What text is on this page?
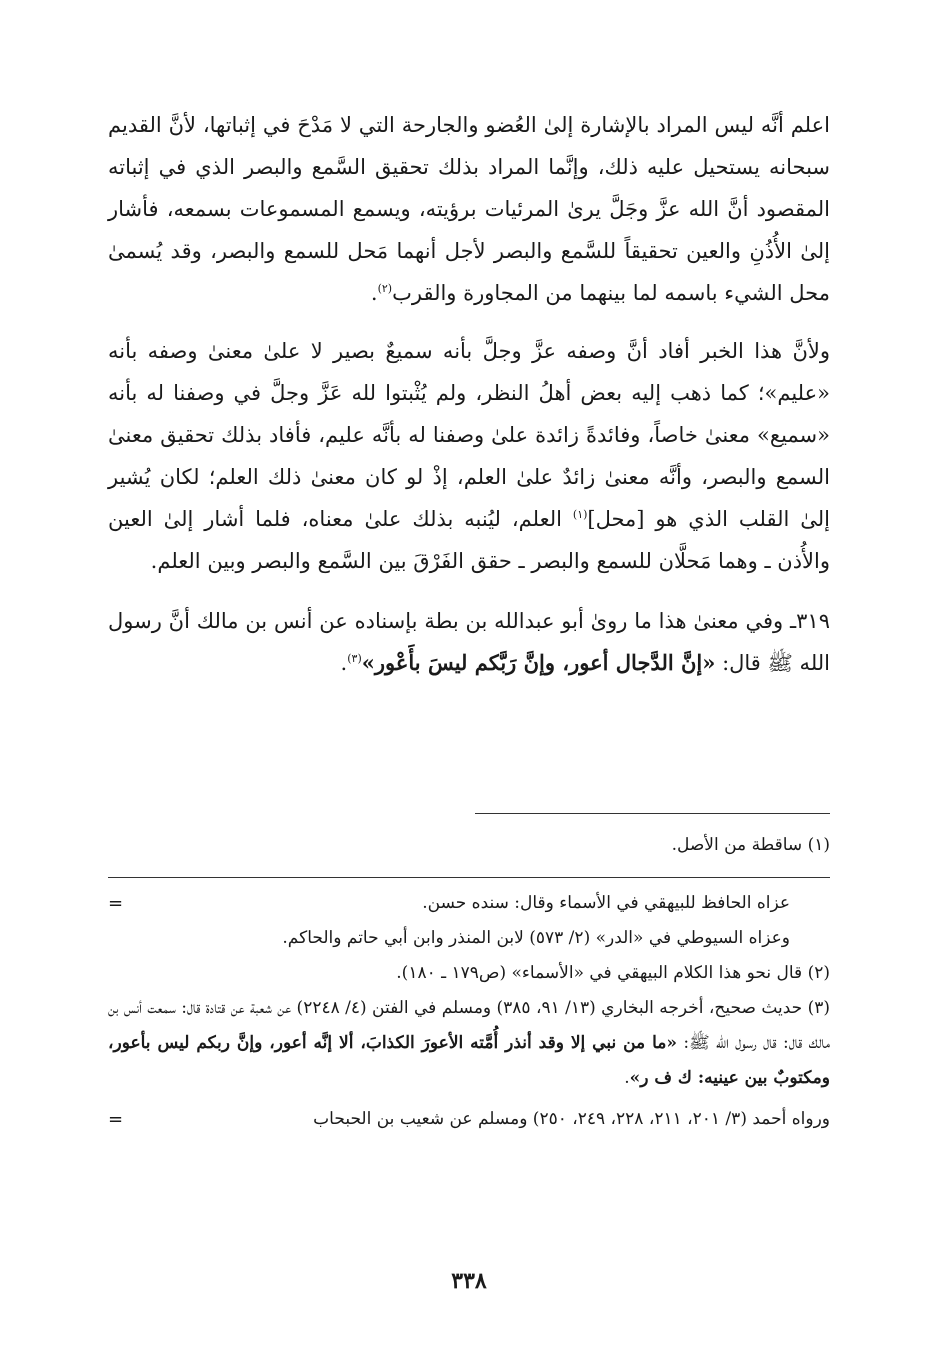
اعلم أنَّه ليس المراد بالإشارة إلىٰ العُضو والجارحة التي لا مَدْحَ في إثباتها، لأنَّ القديم سبحانه يستحيل عليه ذلك، وإنَّما المراد بذلك تحقيق السَّمع والبصر الذي في إثباته المقصود أنَّ الله عزَّ وجَلَّ يرىٰ المرئيات برؤيته، ويسمع المسموعات بسمعه، فأشار إلىٰ الأُذُنِ والعين تحقيقاً للسَّمع والبصر لأجل أنهما مَحل للسمع والبصر، وقد يُسمىٰ محل الشيء باسمه لما بينهما من المجاورة والقرب$^{(٢)}$.

ولأنَّ هذا الخبر أفاد أنَّ وصفه عزَّ وجلَّ بأنه سميعٌ بصير لا علىٰ معنىٰ وصفه بأنه «عليم»؛ كما ذهب إليه بعض أهلُ النظر، ولم يُثْبتوا لله عَزَّ وجلَّ في وصفنا له بأنه «سميع» معنىٰ خاصاً، وفائدةً زائدة علىٰ وصفنا له بأنَّه عليم، فأفاد بذلك تحقيق معنىٰ السمع والبصر، وأنَّه معنىٰ زائدٌ علىٰ العلم، إذْ لو كان معنىٰ ذلك العلم؛ لكان يُشير إلىٰ القلب الذي هو [محل]$^{(١)}$ العلم، ليُنبه بذلك علىٰ معناه، فلما أشار إلىٰ العين والأُذن ـ وهما مَحلَّان للسمع والبصر ـ حقق الفَرْقَ بين السَّمع والبصر وبين العلم.

٣١٩ـ وفي معنىٰ هذا ما روىٰ أبو عبدالله بن بطة بإسناده عن أنس بن مالك أنَّ رسول الله ﷺ قال: «إنَّ الدَّجال أعور، وإنَّ رَبَّكم ليسَ بأَعْور»$^{(٣)}$.

(١) ساقطة من الأصل.

عزاه الحافظ للبيهقي في الأسماء وقال: سنده حسن.
=

وعزاه السيوطي في «الدر» (٢/ ٥٧٣) لابن المنذر وابن أبي حاتم والحاكم.

(٢) قال نحو هذا الكلام البيهقي في «الأسماء» (ص١٧٩ ـ ١٨٠).

(٣) حديث صحيح، أخرجه البخاري (١٣/ ٩١، ٣٨٥) ومسلم في الفتن (٤/ ٢٢٤٨) عن شعبة عن قتادة قال: سمعت أنس بن مالك قال: قال رسول الله ﷺ: «ما من نبي إلا وقد أنذر أُمَّته الأعورَ الكذابَ، ألا إنَّه أعور، وإنَّ ربكم ليس بأعور، ومكتوبٌ بين عينيه: ك ف ر».

ورواه أحمد (٣/ ٢٠١، ٢١١، ٢٢٨، ٢٤٩، ٢٥٠) ومسلم عن شعيب بن الحبحاب
=

٣٣٨
